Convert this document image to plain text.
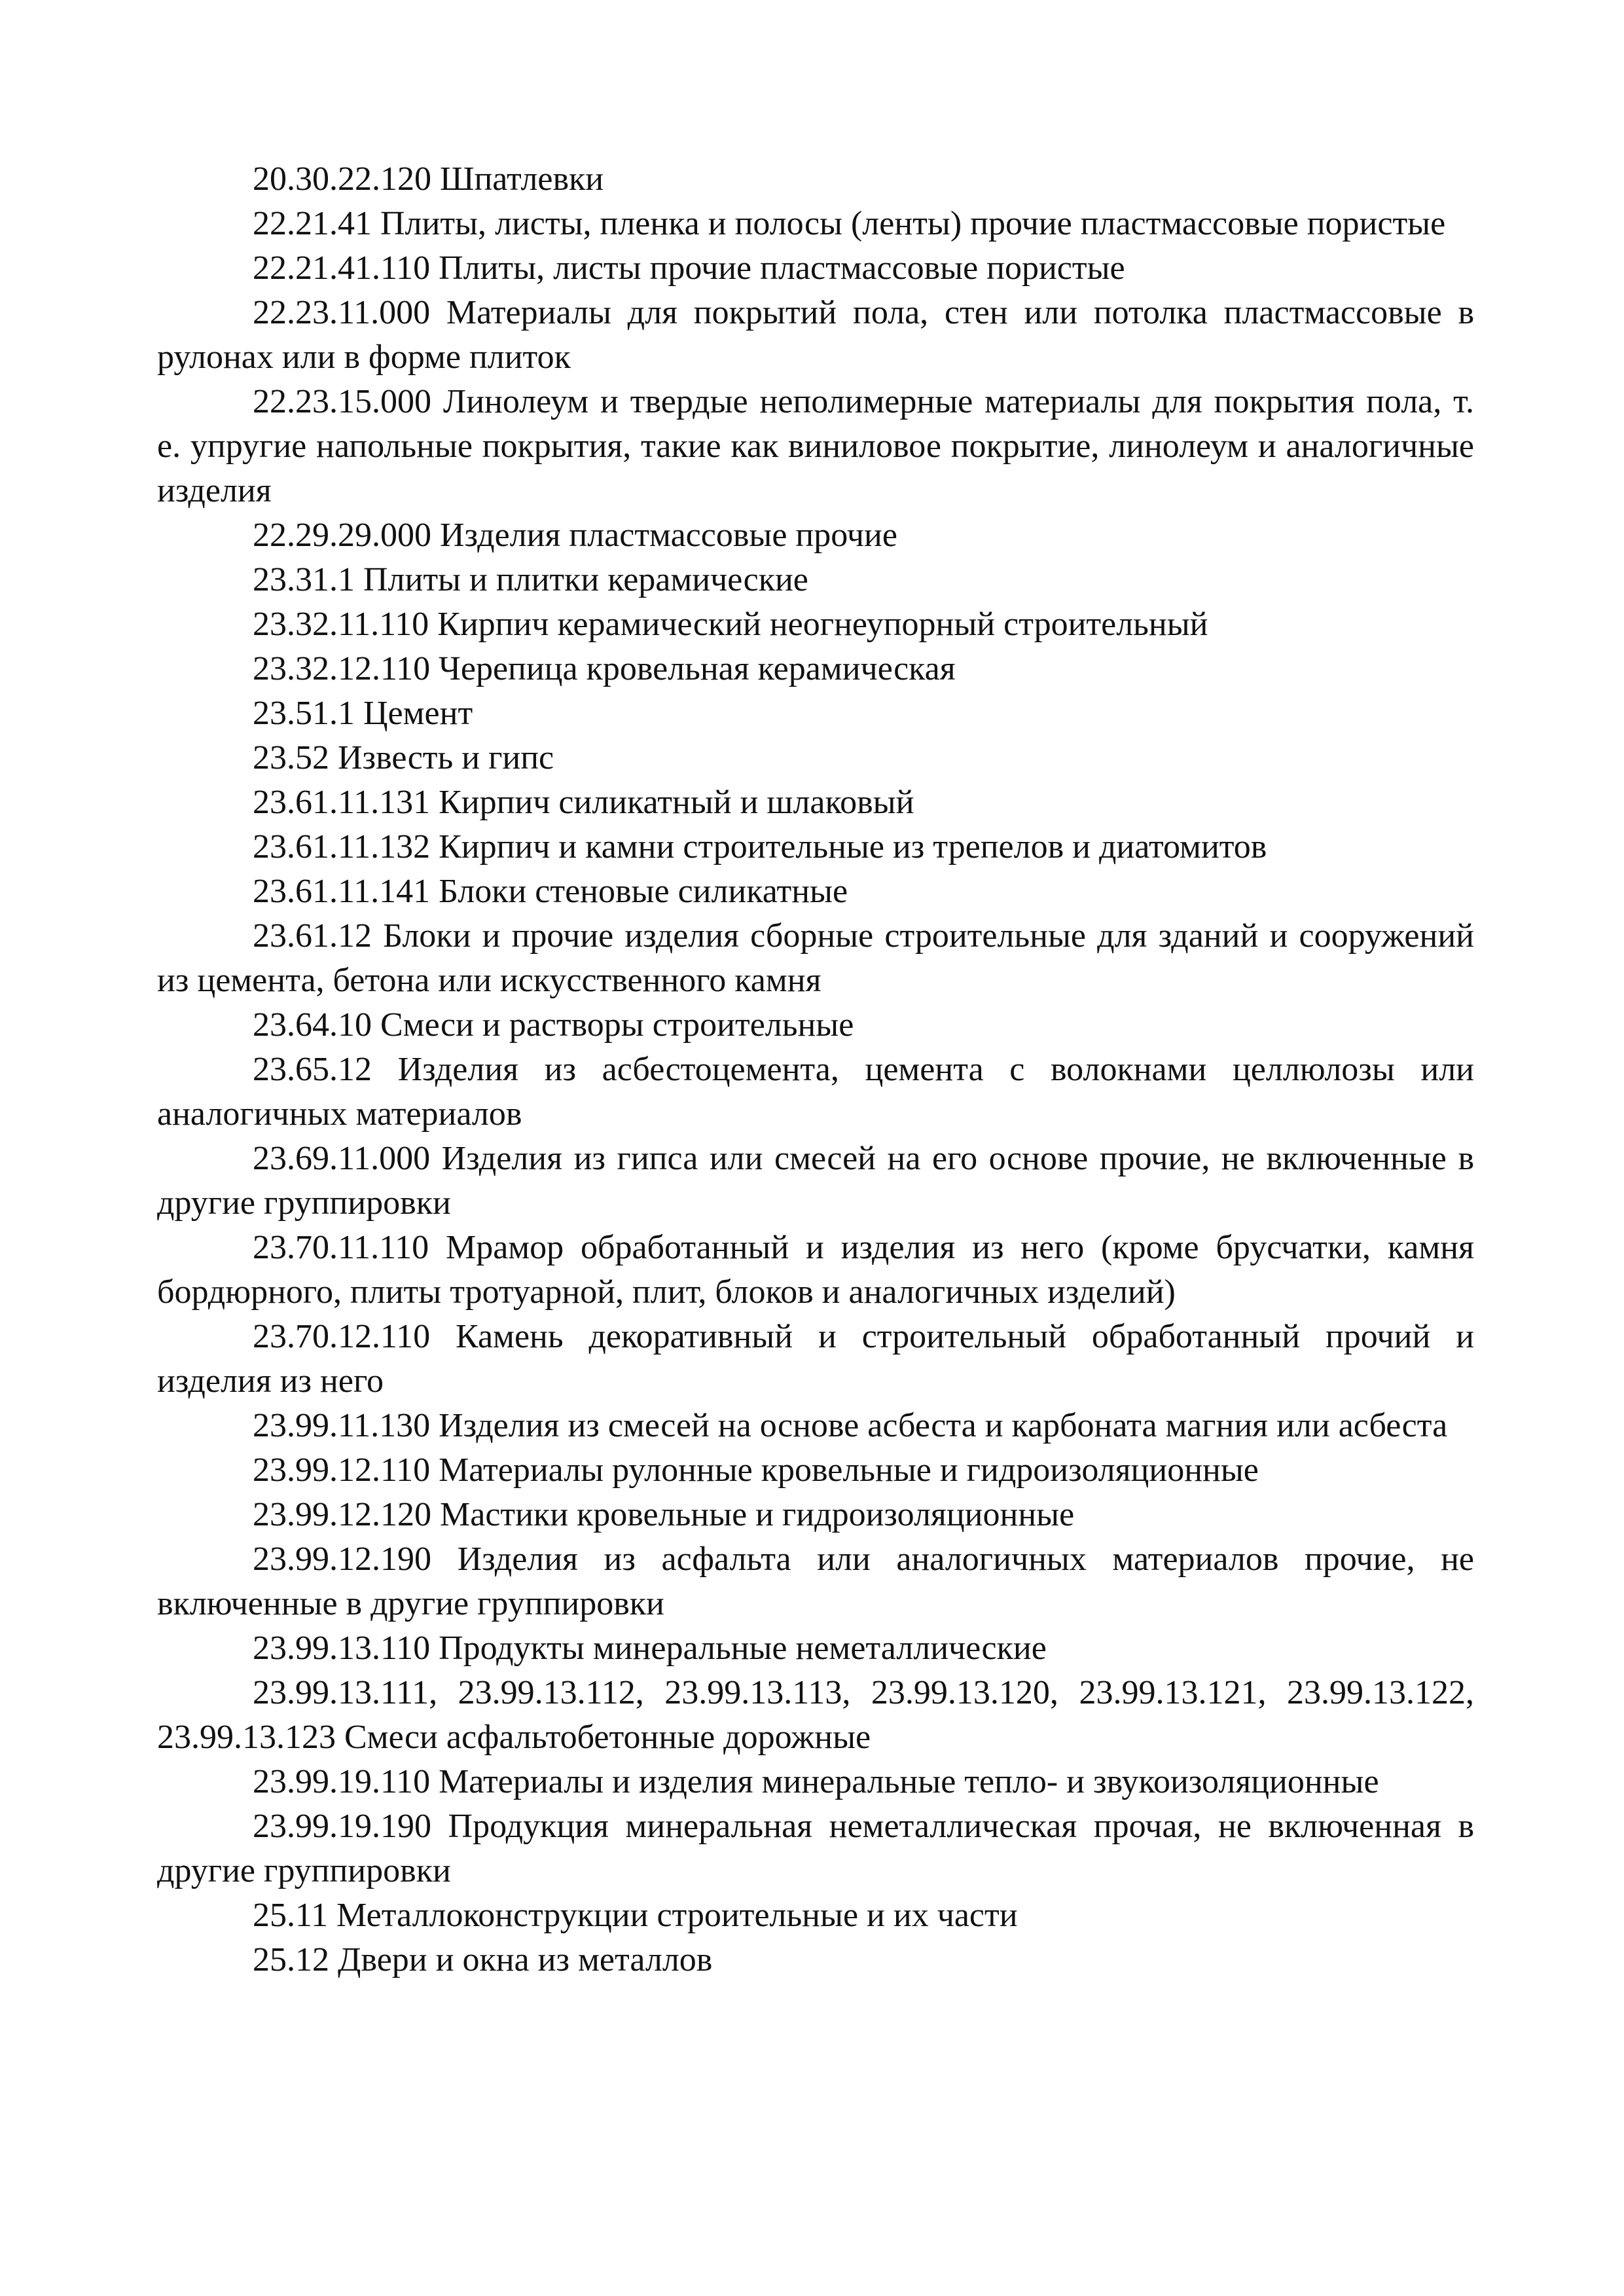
20.30.22.120 Шпатлевки

22.21.41 Плиты, листы, пленка и полосы (ленты) прочие пластмассовые пористые

22.21.41.110 Плиты, листы прочие пластмассовые пористые

22.23.11.000 Материалы для покрытий пола, стен или потолка пластмассовые в рулонах или в форме плиток

22.23.15.000 Линолеум и твердые неполимерные материалы для покрытия пола, т. е. упругие напольные покрытия, такие как виниловое покрытие, линолеум и аналогичные изделия

22.29.29.000 Изделия пластмассовые прочие

23.31.1 Плиты и плитки керамические

23.32.11.110 Кирпич керамический неогнеупорный строительный

23.32.12.110 Черепица кровельная керамическая

23.51.1 Цемент

23.52 Известь и гипс

23.61.11.131 Кирпич силикатный и шлаковый

23.61.11.132 Кирпич и камни строительные из трепелов и диатомитов

23.61.11.141 Блоки стеновые силикатные

23.61.12 Блоки и прочие изделия сборные строительные для зданий и сооружений из цемента, бетона или искусственного камня

23.64.10 Смеси и растворы строительные

23.65.12 Изделия из асбестоцемента, цемента с волокнами целлюлозы или аналогичных материалов

23.69.11.000 Изделия из гипса или смесей на его основе прочие, не включенные в другие группировки

23.70.11.110 Мрамор обработанный и изделия из него (кроме брусчатки, камня бордюрного, плиты тротуарной, плит, блоков и аналогичных изделий)

23.70.12.110 Камень декоративный и строительный обработанный прочий и изделия из него

23.99.11.130 Изделия из смесей на основе асбеста и карбоната магния или асбеста

23.99.12.110 Материалы рулонные кровельные и гидроизоляционные

23.99.12.120 Мастики кровельные и гидроизоляционные

23.99.12.190 Изделия из асфальта или аналогичных материалов прочие, не включенные в другие группировки

23.99.13.110 Продукты минеральные неметаллические

23.99.13.111, 23.99.13.112, 23.99.13.113, 23.99.13.120, 23.99.13.121, 23.99.13.122, 23.99.13.123 Смеси асфальтобетонные дорожные

23.99.19.110 Материалы и изделия минеральные тепло- и звукоизоляционные

23.99.19.190 Продукция минеральная неметаллическая прочая, не включенная в другие группировки

25.11 Металлоконструкции строительные и их части

25.12 Двери и окна из металлов
